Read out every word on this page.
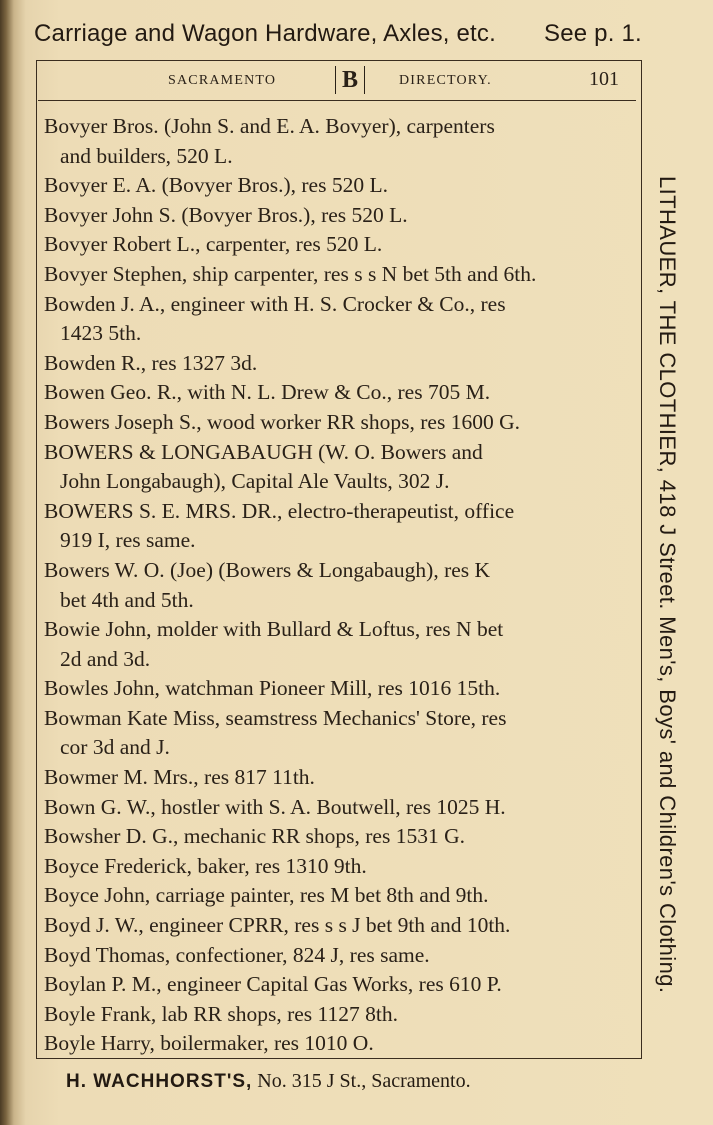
Carriage and Wagon Hardware, Axles, etc. See p. 1.
SACRAMENTO	B	DIRECTORY.	101
Bovyer Bros. (John S. and E. A. Bovyer), carpenters
and builders, 520 L.
Bovyer E. A. (Bovyer Bros.), res 520 L.
Bovyer John S. (Bovyer Bros.), res 520 L.
Bovyer Robert L., carpenter, res 520 L.
Bovyer Stephen, ship carpenter, res s s N bet 5th and 6th.
Bowden J. A., engineer with H. S. Crocker & Co., res
1423 5th.
Bowden R., res 1327 3d.
Bowen Geo. R., with N. L. Drew & Co., res 705 M.
Bowers Joseph S., wood worker RR shops, res 1600 G.
BOWERS & LONGABAUGH (W. O. Bowers and
John Longabaugh), Capital Ale Vaults, 302 J.
BOWERS S. E. MRS. DR., electro-therapeutist, office
919 I, res same.
Bowers W. O. (Joe) (Bowers & Longabaugh), res K
bet 4th and 5th.
Bowie John, molder with Bullard & Loftus, res N bet
2d and 3d.
Bowles John, watchman Pioneer Mill, res 1016 15th.
Bowman Kate Miss, seamstress Mechanics' Store, res
cor 3d and J.
Bowmer M. Mrs., res 817 11th.
Bown G. W., hostler with S. A. Boutwell, res 1025 H.
Bowsher D. G., mechanic RR shops, res 1531 G.
Boyce Frederick, baker, res 1310 9th.
Boyce John, carriage painter, res M bet 8th and 9th.
Boyd J. W., engineer CPRR, res s s J bet 9th and 10th.
Boyd Thomas, confectioner, 824 J, res same.
Boylan P. M., engineer Capital Gas Works, res 610 P.
Boyle Frank, lab RR shops, res 1127 8th.
Boyle Harry, boilermaker, res 1010 O.
LITHAUER, THE CLOTHIER, 418 J Street. Men's, Boys' and Children's Clothing.
H. WACHHORST'S, No. 315 J St., Sacramento.
